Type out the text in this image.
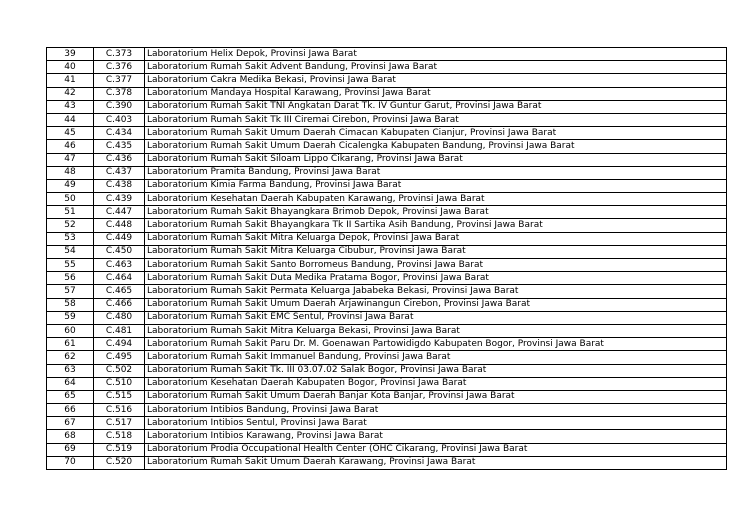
39	C.373	Laboratorium Helix Depok, Provinsi Jawa Barat
40	C.376	Laboratorium Rumah Sakit Advent Bandung, Provinsi Jawa Barat
41	C.377	Laboratorium Cakra Medika Bekasi, Provinsi Jawa Barat
42	C.378	Laboratorium Mandaya Hospital Karawang, Provinsi Jawa Barat
43	C.390	Laboratorium Rumah Sakit TNI Angkatan Darat Tk. IV Guntur Garut, Provinsi Jawa Barat
44	C.403	Laboratorium Rumah Sakit Tk III Ciremai Cirebon, Provinsi Jawa Barat
45	C.434	Laboratorium Rumah Sakit Umum Daerah Cimacan Kabupaten Cianjur, Provinsi Jawa Barat
46	C.435	Laboratorium Rumah Sakit Umum Daerah Cicalengka Kabupaten Bandung, Provinsi Jawa Barat
47	C.436	Laboratorium Rumah Sakit Siloam Lippo Cikarang, Provinsi Jawa Barat
48	C.437	Laboratorium Pramita Bandung, Provinsi Jawa Barat
49	C.438	Laboratorium Kimia Farma Bandung, Provinsi Jawa Barat
50	C.439	Laboratorium Kesehatan Daerah Kabupaten Karawang, Provinsi Jawa Barat
51	C.447	Laboratorium Rumah Sakit Bhayangkara Brimob Depok, Provinsi Jawa Barat
52	C.448	Laboratorium Rumah Sakit Bhayangkara Tk II Sartika Asih Bandung, Provinsi Jawa Barat
53	C.449	Laboratorium Rumah Sakit Mitra Keluarga Depok, Provinsi Jawa Barat
54	C.450	Laboratorium Rumah Sakit Mitra Keluarga Cibubur, Provinsi Jawa Barat
55	C.463	Laboratorium Rumah Sakit Santo Borromeus Bandung, Provinsi Jawa Barat
56	C.464	Laboratorium Rumah Sakit Duta Medika Pratama Bogor, Provinsi Jawa Barat
57	C.465	Laboratorium Rumah Sakit Permata Keluarga Jababeka Bekasi, Provinsi Jawa Barat
58	C.466	Laboratorium Rumah Sakit Umum Daerah Arjawinangun Cirebon, Provinsi Jawa Barat
59	C.480	Laboratorium Rumah Sakit EMC Sentul, Provinsi Jawa Barat
60	C.481	Laboratorium Rumah Sakit Mitra Keluarga Bekasi, Provinsi Jawa Barat
61	C.494	Laboratorium Rumah Sakit Paru Dr. M. Goenawan Partowidigdo Kabupaten Bogor, Provinsi Jawa Barat
62	C.495	Laboratorium Rumah Sakit Immanuel Bandung, Provinsi Jawa Barat
63	C.502	Laboratorium Rumah Sakit Tk. III 03.07.02 Salak Bogor, Provinsi Jawa Barat
64	C.510	Laboratorium Kesehatan Daerah Kabupaten Bogor, Provinsi Jawa Barat
65	C.515	Laboratorium Rumah Sakit Umum Daerah Banjar Kota Banjar, Provinsi Jawa Barat
66	C.516	Laboratorium Intibios Bandung, Provinsi Jawa Barat
67	C.517	Laboratorium Intibios Sentul, Provinsi Jawa Barat
68	C.518	Laboratorium Intibios Karawang, Provinsi Jawa Barat
69	C.519	Laboratorium Prodia Occupational Health Center (OHC Cikarang, Provinsi Jawa Barat
70	C.520	Laboratorium Rumah Sakit Umum Daerah Karawang, Provinsi Jawa Barat
